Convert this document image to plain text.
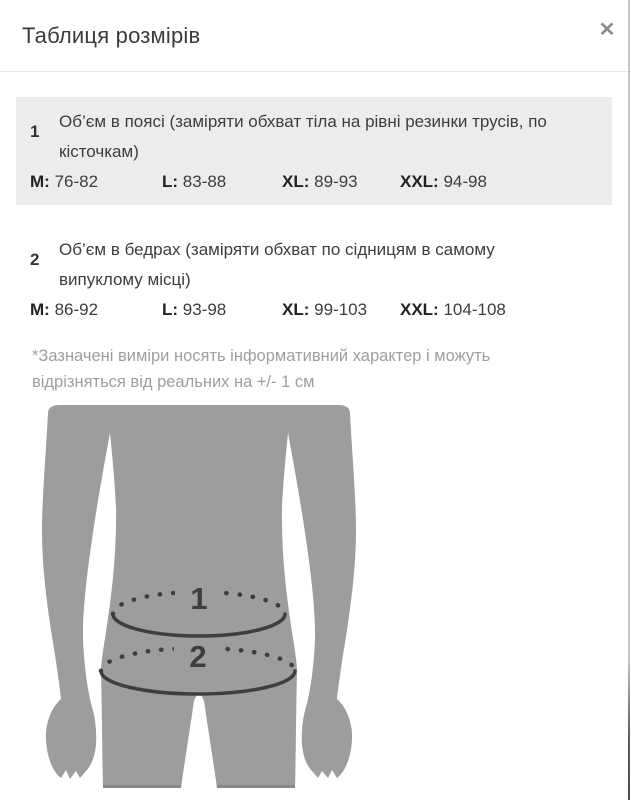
Таблиця розмірів	✕
1
Об’єм в поясі (заміряти обхват тіла на рівні резинки трусів, по
кісточкам)
M: 76-82	L: 83-88	XL: 89-93	XXL: 94-98
2
Об’єм в бедрах (заміряти обхват по сідницям в самому
випуклому місці)
M: 86-92	L: 93-98	XL: 99-103	XXL: 104-108
*Зазначені виміри носять інформативний характер і можуть
відрізняться від реальних на +/- 1 см
1
2
